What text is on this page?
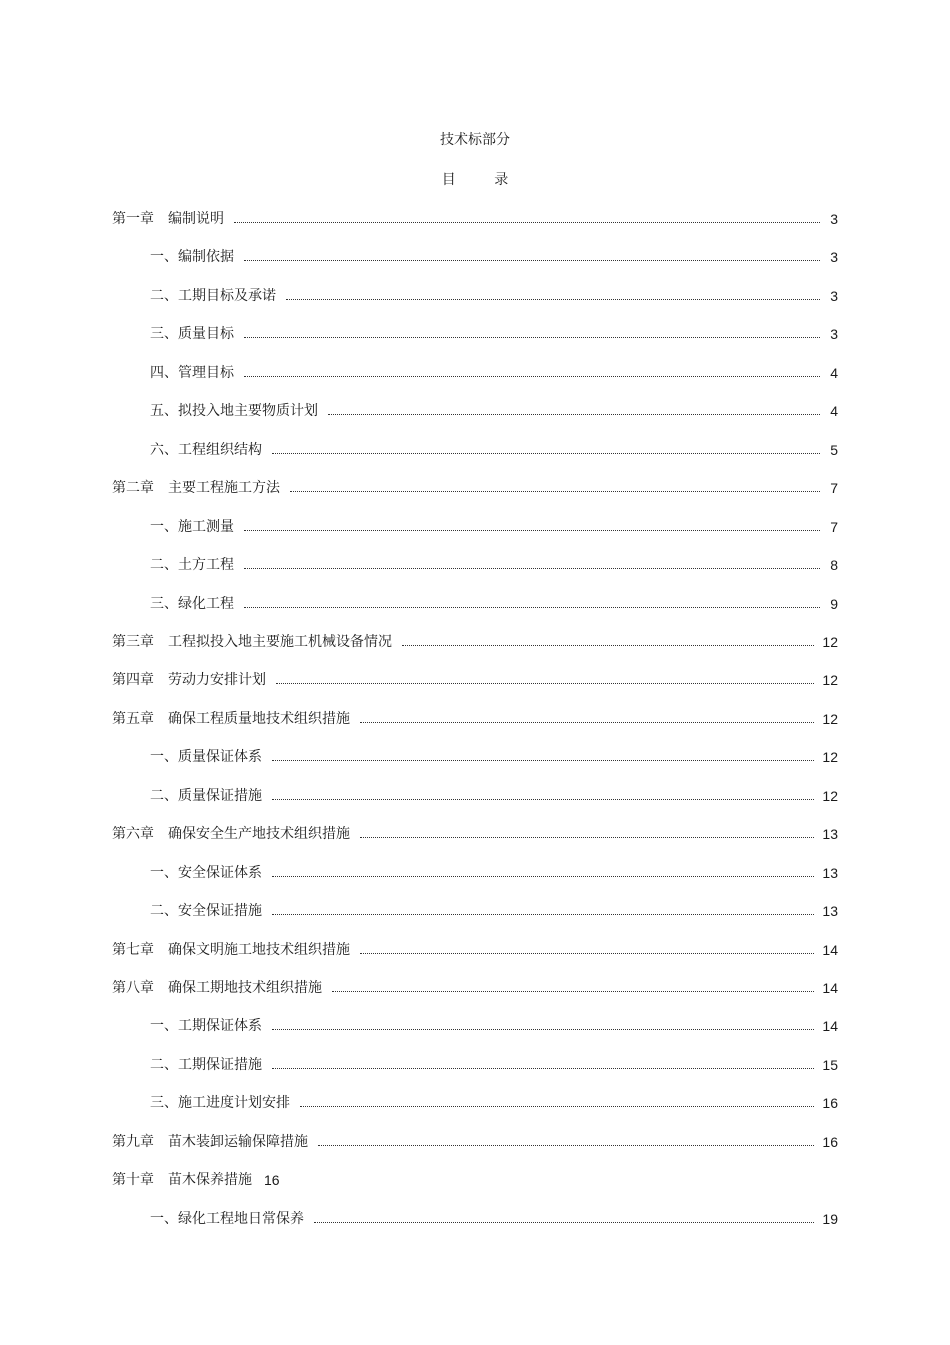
技术标部分
目 录
第一章 编制说明	3
一、编制依据	3
二、工期目标及承诺	3
三、质量目标	3
四、管理目标	4
五、拟投入地主要物质计划	4
六、工程组织结构	5
第二章 主要工程施工方法	7
一、施工测量	7
二、土方工程	8
三、绿化工程	9
第三章 工程拟投入地主要施工机械设备情况	12
第四章 劳动力安排计划	12
第五章 确保工程质量地技术组织措施	12
一、质量保证体系	12
二、质量保证措施	12
第六章 确保安全生产地技术组织措施	13
一、安全保证体系	13
二、安全保证措施	13
第七章 确保文明施工地技术组织措施	14
第八章 确保工期地技术组织措施	14
一、工期保证体系	14
二、工期保证措施	15
三、施工进度计划安排	16
第九章 苗木装卸运输保障措施	16
第十章 苗木保养措施 16
一、绿化工程地日常保养	19
